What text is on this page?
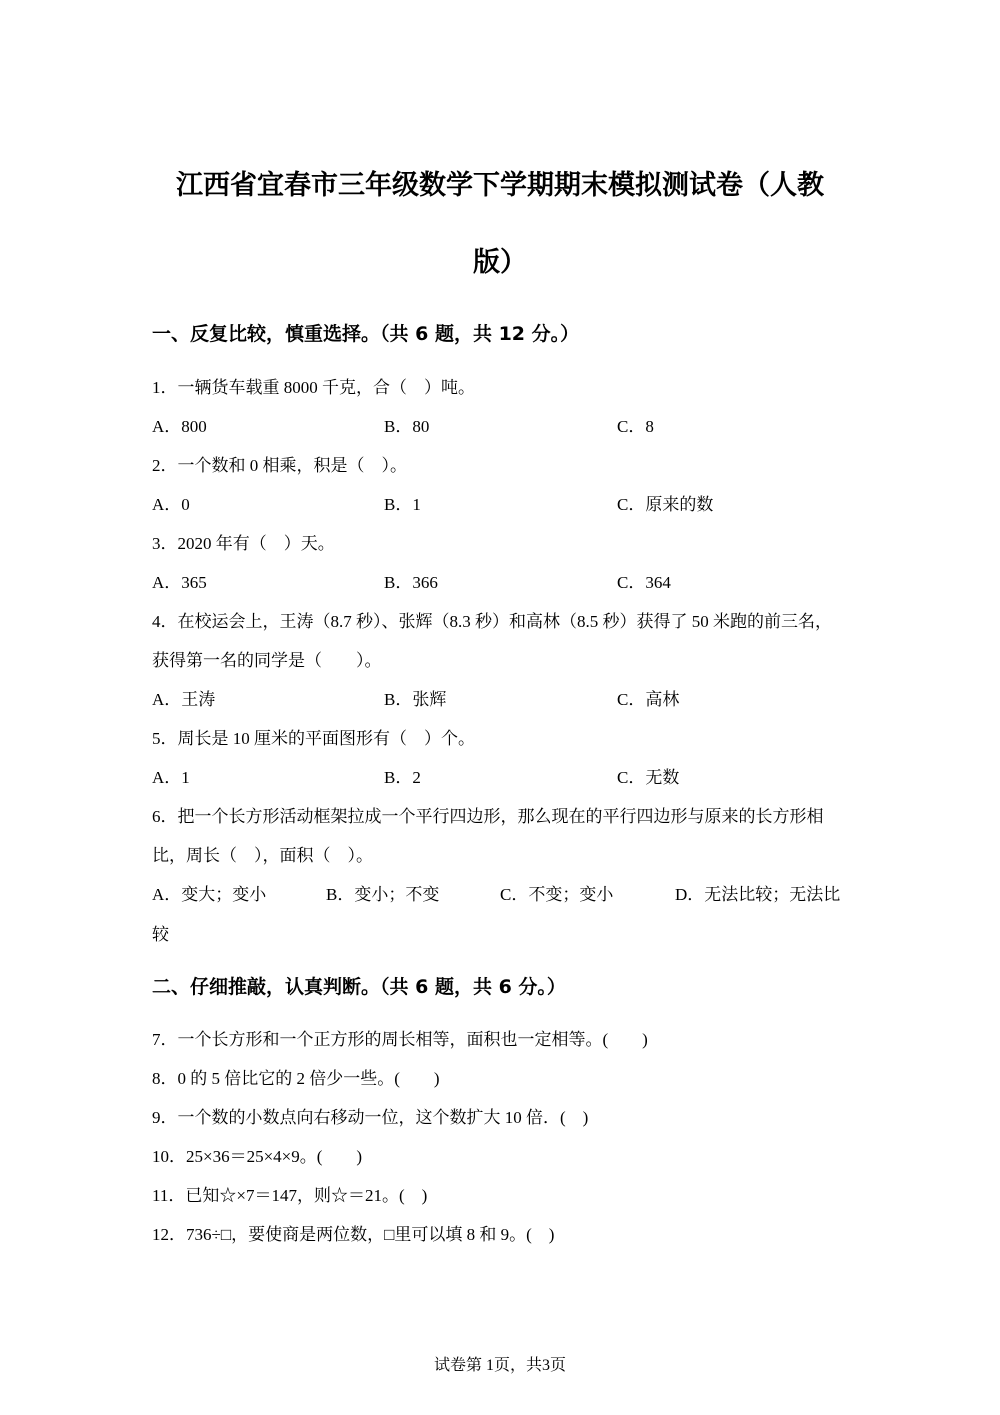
江西省宜春市三年级数学下学期期末模拟测试卷（人教
版）
一、反复比较，慎重选择。（共 6 题，共 12 分。）
1．一辆货车载重 8000 千克，合（　）吨。
A．800	B．80	C．8
2．一个数和 0 相乘，积是（　）。
A．0	B．1	C．原来的数
3．2020 年有（　）天。
A．365	B．366	C．364
4．在校运会上，王涛（8.7 秒）、张辉（8.3 秒）和高林（8.5 秒）获得了 50 米跑的前三名，
获得第一名的同学是（　　）。
A．王涛	B．张辉	C．高林
5．周长是 10 厘米的平面图形有（　）个。
A．1	B．2	C．无数
6．把一个长方形活动框架拉成一个平行四边形，那么现在的平行四边形与原来的长方形相
比，周长（　），面积（　）。
A．变大；变小	B．变小；不变	C．不变；变小	D．无法比较；无法比
较
二、仔细推敲，认真判断。（共 6 题，共 6 分。）
7．一个长方形和一个正方形的周长相等，面积也一定相等。(　　)
8．0 的 5 倍比它的 2 倍少一些。(　　)
9．一个数的小数点向右移动一位，这个数扩大 10 倍．(　)
10．25×36＝25×4×9。(　　)
11．已知☆×7＝147，则☆＝21。(　)
12．736÷□，要使商是两位数，□里可以填 8 和 9。(　)
试卷第 1页，共3页
